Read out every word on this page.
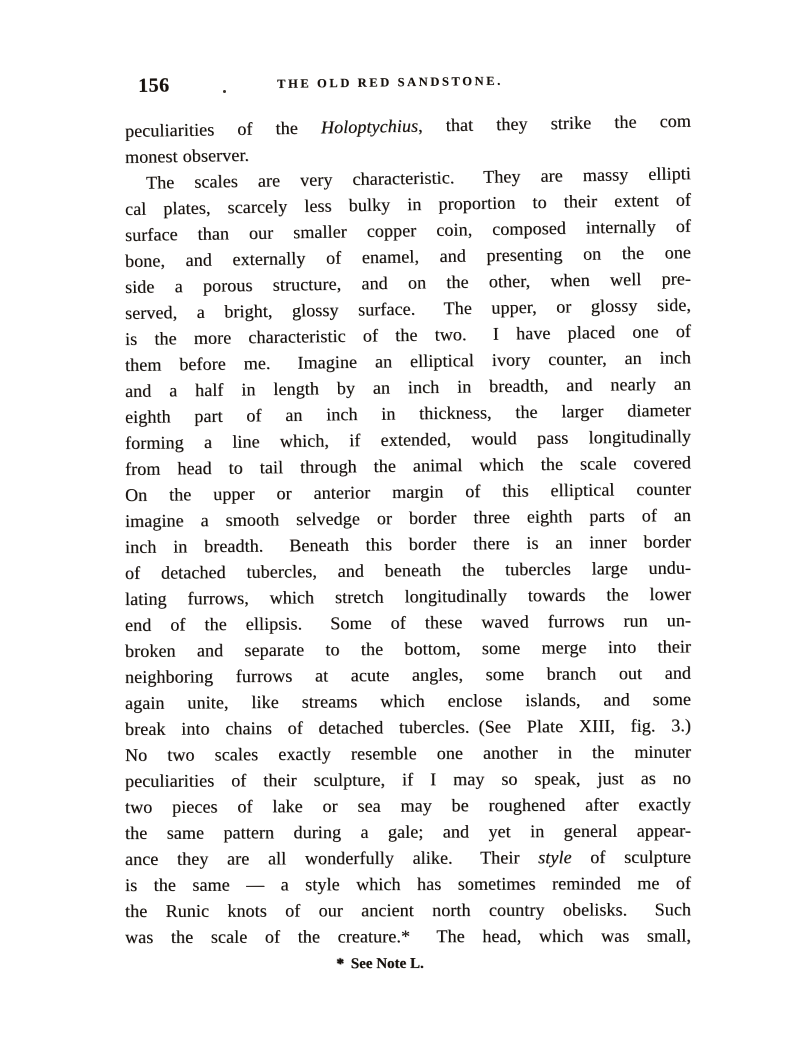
156	THE OLD RED SANDSTONE.
peculiarities of the Holoptychius, that they strike the com
monest observer.
The scales are very characteristic.  They are massy ellipti
cal plates, scarcely less bulky in proportion to their extent of
surface than our smaller copper coin, composed internally of
bone, and externally of enamel, and presenting on the one
side a porous structure, and on the other, when well pre-
served, a bright, glossy surface.  The upper, or glossy side,
is the more characteristic of the two.  I have placed one of
them before me.  Imagine an elliptical ivory counter, an inch
and a half in length by an inch in breadth, and nearly an
eighth part of an inch in thickness, the larger diameter
forming a line which, if extended, would pass longitudinally
from head to tail through the animal which the scale covered
On the upper or anterior margin of this elliptical counter
imagine a smooth selvedge or border three eighth parts of an
inch in breadth.  Beneath this border there is an inner border
of detached tubercles, and beneath the tubercles large undu-
lating furrows, which stretch longitudinally towards the lower
end of the ellipsis.  Some of these waved furrows run un-
broken and separate to the bottom, some merge into their
neighboring furrows at acute angles, some branch out and
again unite, like streams which enclose islands, and some
break into chains of detached tubercles. (See Plate XIII, fig. 3.)
No two scales exactly resemble one another in the minuter
peculiarities of their sculpture, if I may so speak, just as no
two pieces of lake or sea may be roughened after exactly
the same pattern during a gale; and yet in general appear-
ance they are all wonderfully alike.  Their style of sculpture
is the same — a style which has sometimes reminded me of
the Runic knots of our ancient north country obelisks.  Such
was the scale of the creature.*  The head, which was small,
* See Note L.
